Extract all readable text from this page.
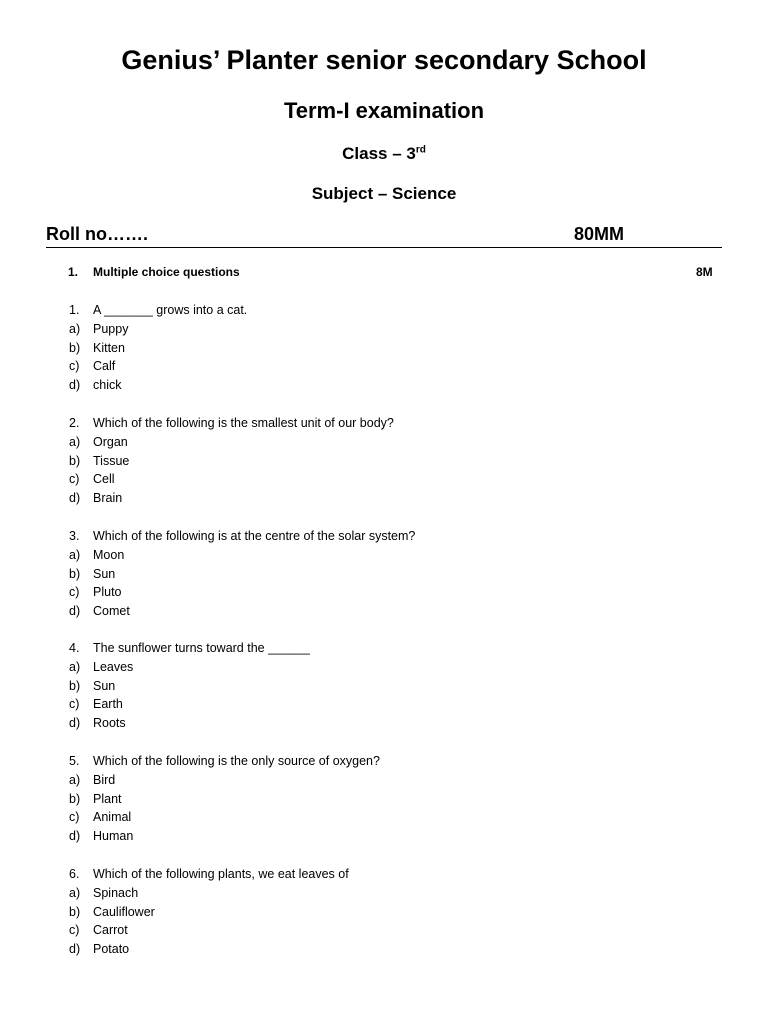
Genius’ Planter senior secondary School
Term-I examination
Class – 3rd
Subject – Science
Roll no…….	80MM
1. Multiple choice questions	8M
1. A _______ grows into a cat.
a) Puppy
b) Kitten
c) Calf
d) chick
2. Which of the following is the smallest unit of our body?
a) Organ
b) Tissue
c) Cell
d) Brain
3. Which of the following is at the centre of the solar system?
a) Moon
b) Sun
c) Pluto
d) Comet
4. The sunflower turns toward the ______
a) Leaves
b) Sun
c) Earth
d) Roots
5. Which of the following is the only source of oxygen?
a) Bird
b) Plant
c) Animal
d) Human
6. Which of the following plants, we eat leaves of
a) Spinach
b) Cauliflower
c) Carrot
d) Potato
